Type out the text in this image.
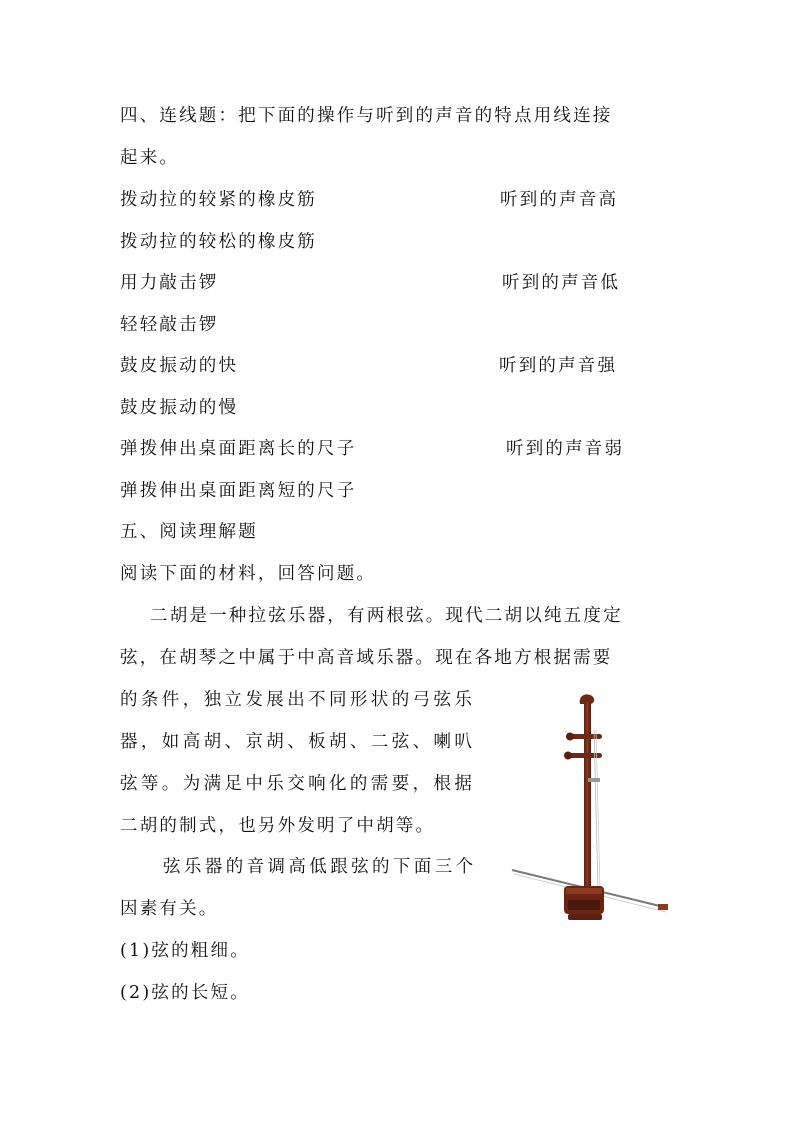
四、连线题：把下面的操作与听到的声音的特点用线连接
起来。
拨动拉的较紧的橡皮筋	听到的声音高
拨动拉的较松的橡皮筋
用力敲击锣	听到的声音低
轻轻敲击锣
鼓皮振动的快	听到的声音强
鼓皮振动的慢
弹拨伸出桌面距离长的尺子	听到的声音弱
弹拨伸出桌面距离短的尺子
五、阅读理解题
阅读下面的材料，回答问题。
二胡是一种拉弦乐器，有两根弦。现代二胡以纯五度定
弦，在胡琴之中属于中高音域乐器。现在各地方根据需要
的条件，独立发展出不同形状的弓弦乐
器，如高胡、京胡、板胡、二弦、喇叭
弦等。为满足中乐交响化的需要，根据
二胡的制式，也另外发明了中胡等。
弦乐器的音调高低跟弦的下面三个
因素有关。
(1)弦的粗细。
(2)弦的长短。
